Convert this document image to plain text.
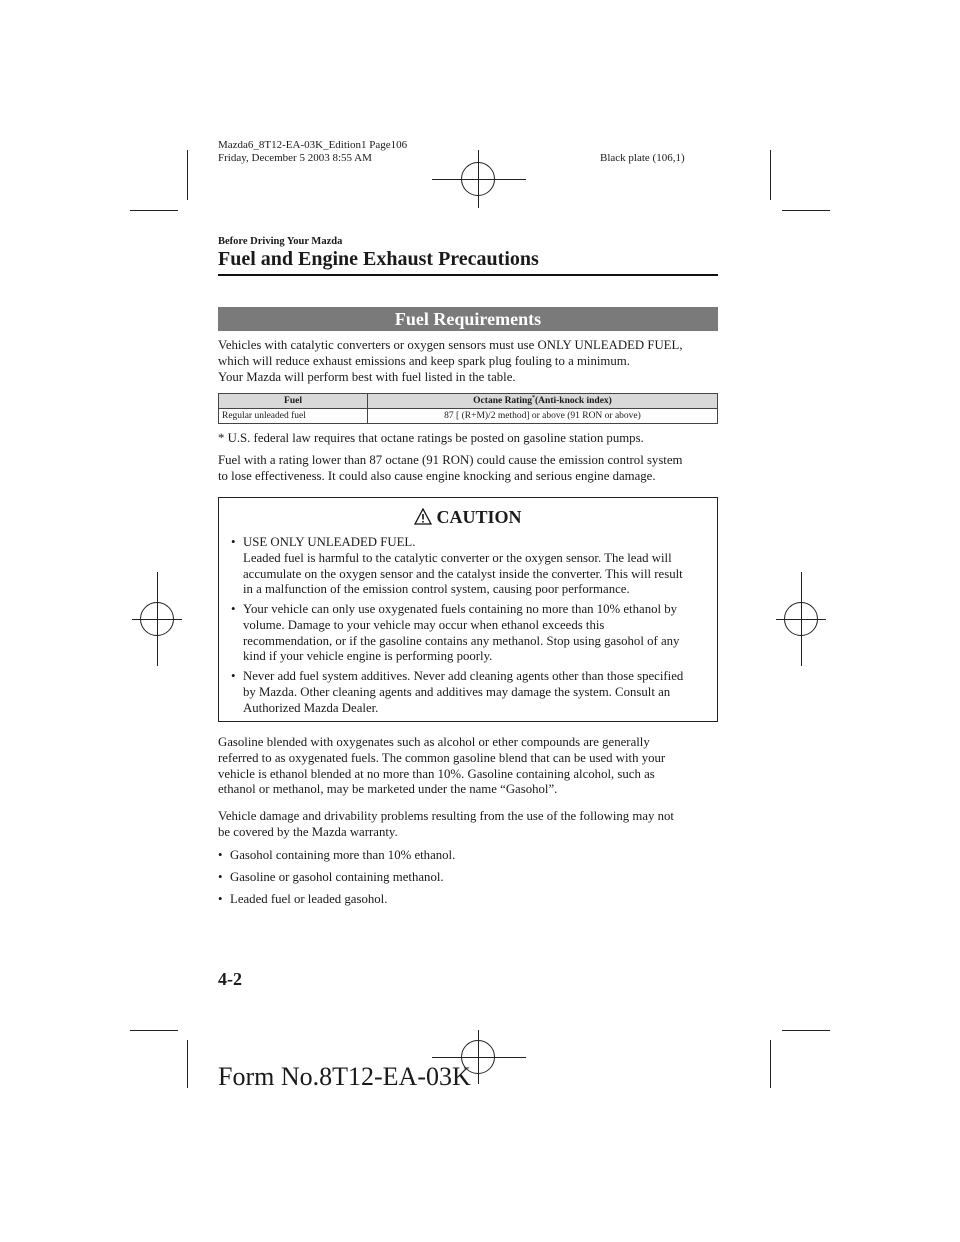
Mazda6_8T12-EA-03K_Edition1 Page106
Friday, December 5 2003 8:55 AM	Black plate (106,1)
Before Driving Your Mazda
Fuel and Engine Exhaust Precautions
Fuel Requirements
Vehicles with catalytic converters or oxygen sensors must use ONLY UNLEADED FUEL,
which will reduce exhaust emissions and keep spark plug fouling to a minimum.
Your Mazda will perform best with fuel listed in the table.
Fuel	Octane Rating*(Anti-knock index)
Regular unleaded fuel	87 [ (R+M)/2 method] or above (91 RON or above)
* U.S. federal law requires that octane ratings be posted on gasoline station pumps.
Fuel with a rating lower than 87 octane (91 RON) could cause the emission control system
to lose effectiveness. It could also cause engine knocking and serious engine damage.
CAUTION
• USE ONLY UNLEADED FUEL.
Leaded fuel is harmful to the catalytic converter or the oxygen sensor. The lead will
accumulate on the oxygen sensor and the catalyst inside the converter. This will result
in a malfunction of the emission control system, causing poor performance.
• Your vehicle can only use oxygenated fuels containing no more than 10% ethanol by
volume. Damage to your vehicle may occur when ethanol exceeds this
recommendation, or if the gasoline contains any methanol. Stop using gasohol of any
kind if your vehicle engine is performing poorly.
• Never add fuel system additives. Never add cleaning agents other than those specified
by Mazda. Other cleaning agents and additives may damage the system. Consult an
Authorized Mazda Dealer.
Gasoline blended with oxygenates such as alcohol or ether compounds are generally
referred to as oxygenated fuels. The common gasoline blend that can be used with your
vehicle is ethanol blended at no more than 10%. Gasoline containing alcohol, such as
ethanol or methanol, may be marketed under the name “Gasohol”.
Vehicle damage and drivability problems resulting from the use of the following may not
be covered by the Mazda warranty.
• Gasohol containing more than 10% ethanol.
• Gasoline or gasohol containing methanol.
• Leaded fuel or leaded gasohol.
4-2
Form No.8T12-EA-03K
